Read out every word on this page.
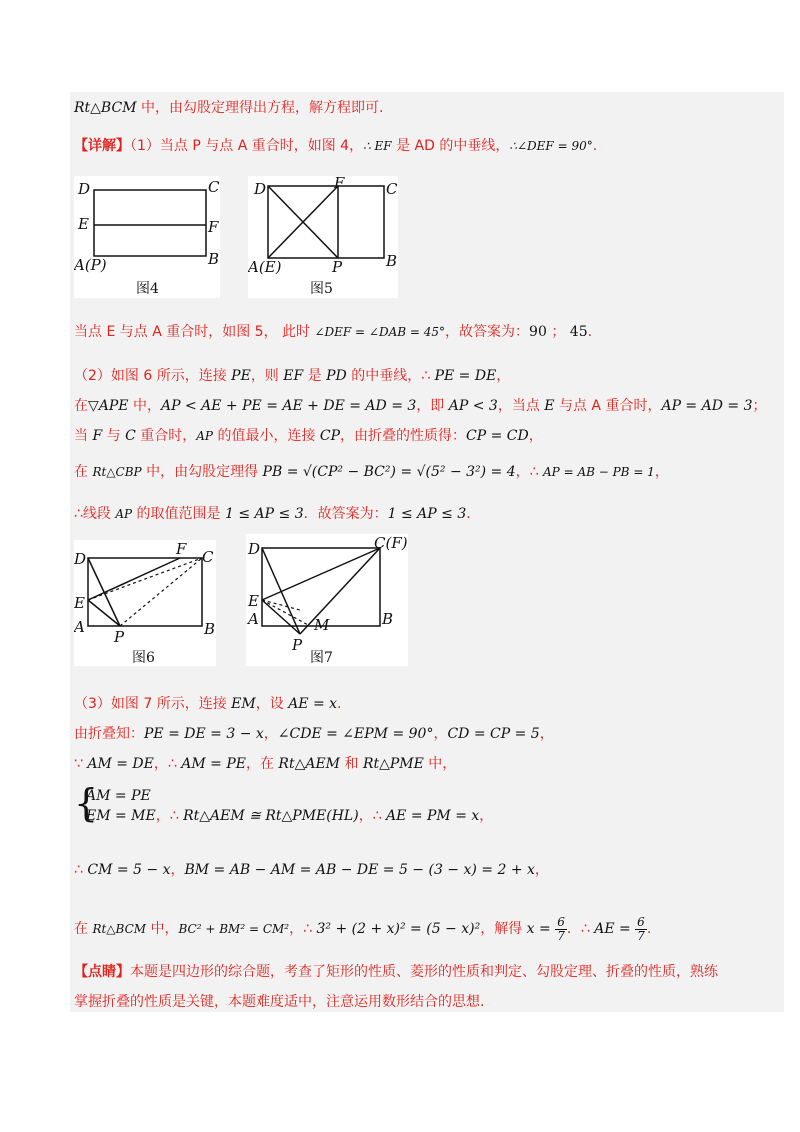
Rt△BCM 中，由勾股定理得出方程，解方程即可.
【详解】（1）当点 P 与点 A 重合时，如图 4，∴ EF 是 AD 的中垂线，∴∠DEF = 90°.
D	C
E	F
A(P)	B
图4
D	F	C
A(E)	P	B
图5
当点 E 与点 A 重合时，如图 5， 此时 ∠DEF = ∠DAB = 45°，故答案为：90 ； 45.
（2）如图 6 所示，连接 PE，则 EF 是 PD 的中垂线，∴ PE = DE，
在▽APE 中，AP < AE + PE = AE + DE = AD = 3，即 AP < 3，当点 E 与点 A 重合时，AP = AD = 3；
当 F 与 C 重合时，AP 的值最小，连接 CP，由折叠的性质得：CP = CD，
在 Rt△CBP 中，由勾股定理得 PB = √(CP² − BC²) = √(5² − 3²) = 4，∴ AP = AB − PB = 1，
∴线段 AP 的取值范围是 1 ≤ AP ≤ 3．故答案为：1 ≤ AP ≤ 3.
D
F C
E
A
P	B
图6
D	C(F)
E
A	M
P
B
图7
（3）如图 7 所示，连接 EM，设 AE = x.
由折叠知：PE = DE = 3 − x，∠CDE = ∠EPM = 90°，CD = CP = 5，
∵ AM = DE，∴ AM = PE，在 Rt△AEM 和 Rt△PME 中，
{
AM = PE
EM = ME，∴ Rt△AEM ≅ Rt△PME(HL)，∴ AE = PM = x，
∴ CM = 5 − x，BM = AB − AM = AB − DE = 5 − (3 − x) = 2 + x，
在 Rt△BCM 中，BC² + BM² = CM²，∴ 3² + (2 + x)² = (5 − x)²，解得 $x = \frac{6}{7}$ ．∴ AE = $\frac{6}{7}$ .
【点睛】本题是四边形的综合题，考查了矩形的性质、菱形的性质和判定、勾股定理、折叠的性质，熟练
掌握折叠的性质是关键，本题难度适中，注意运用数形结合的思想.
